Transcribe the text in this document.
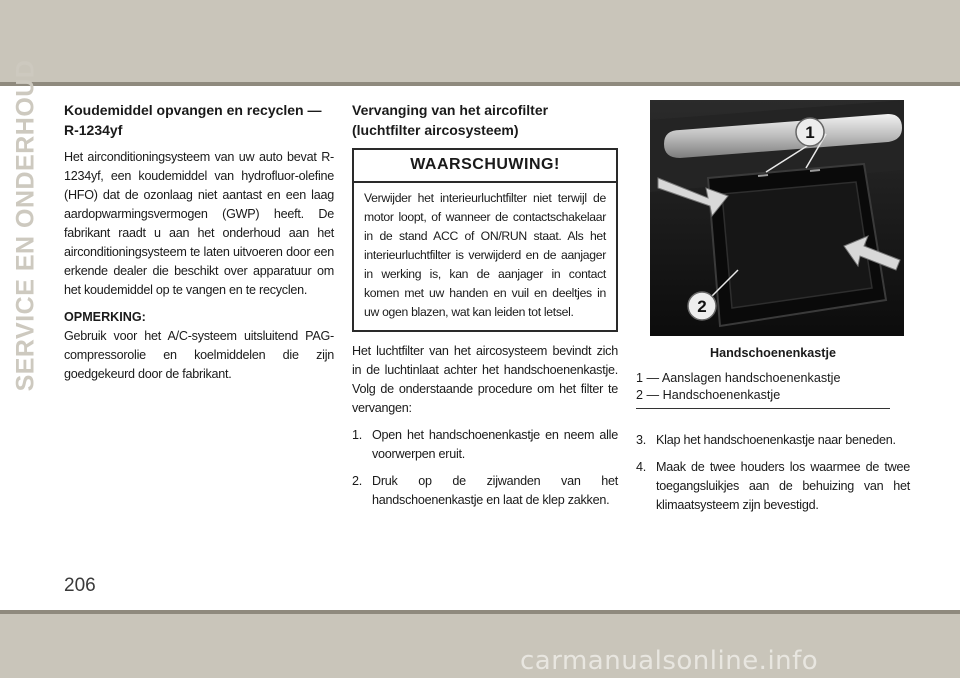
SERVICE EN ONDERHOUD Koudemiddel opvangen en recyclen — R-1234yf

Het airconditioningsysteem van uw auto bevat R-1234yf, een koudemiddel van hydrofluor-olefine (HFO) dat de ozonlaag niet aantast en een laag aardopwarmingsvermogen (GWP) heeft. De fabrikant raadt u aan het onderhoud aan het airconditioningsysteem te laten uitvoeren door een erkende dealer die beschikt over apparatuur om het koudemiddel op te vangen en te recyclen.

OPMERKING:

Gebruik voor het A/C-systeem uitsluitend PAG-compressorolie en koelmiddelen die zijn goedgekeurd door de fabrikant.

Vervanging van het aircofilter (luchtfilter aircosysteem)
WAARSCHUWING!

Verwijder het interieurluchtfilter niet terwijl de motor loopt, of wanneer de contactschakelaar in de stand ACC of ON/RUN staat. Als het interieurluchtfilter is verwijderd en de aanjager in werking is, kan de aanjager in contact komen met uw handen en vuil en deeltjes in uw ogen blazen, wat kan leiden tot letsel.

Het luchtfilter van het aircosysteem bevindt zich in de luchtinlaat achter het handschoenenkastje. Volg de onderstaande procedure om het filter te vervangen:

1. Open het handschoenenkastje en neem alle voorwerpen eruit.
2. Druk op de zijwanden van het handschoenenkastje en laat de klep zakken.
1
2
Handschoenenkastje
1 — Aanslagen handschoenenkastje
2 — Handschoenenkastje
3. Klap het handschoenenkastje naar beneden.
4. Maak de twee houders los waarmee de twee toegangsluikjes aan de behuizing van het klimaatsysteem zijn bevestigd.
206
carmanualsonline.info
